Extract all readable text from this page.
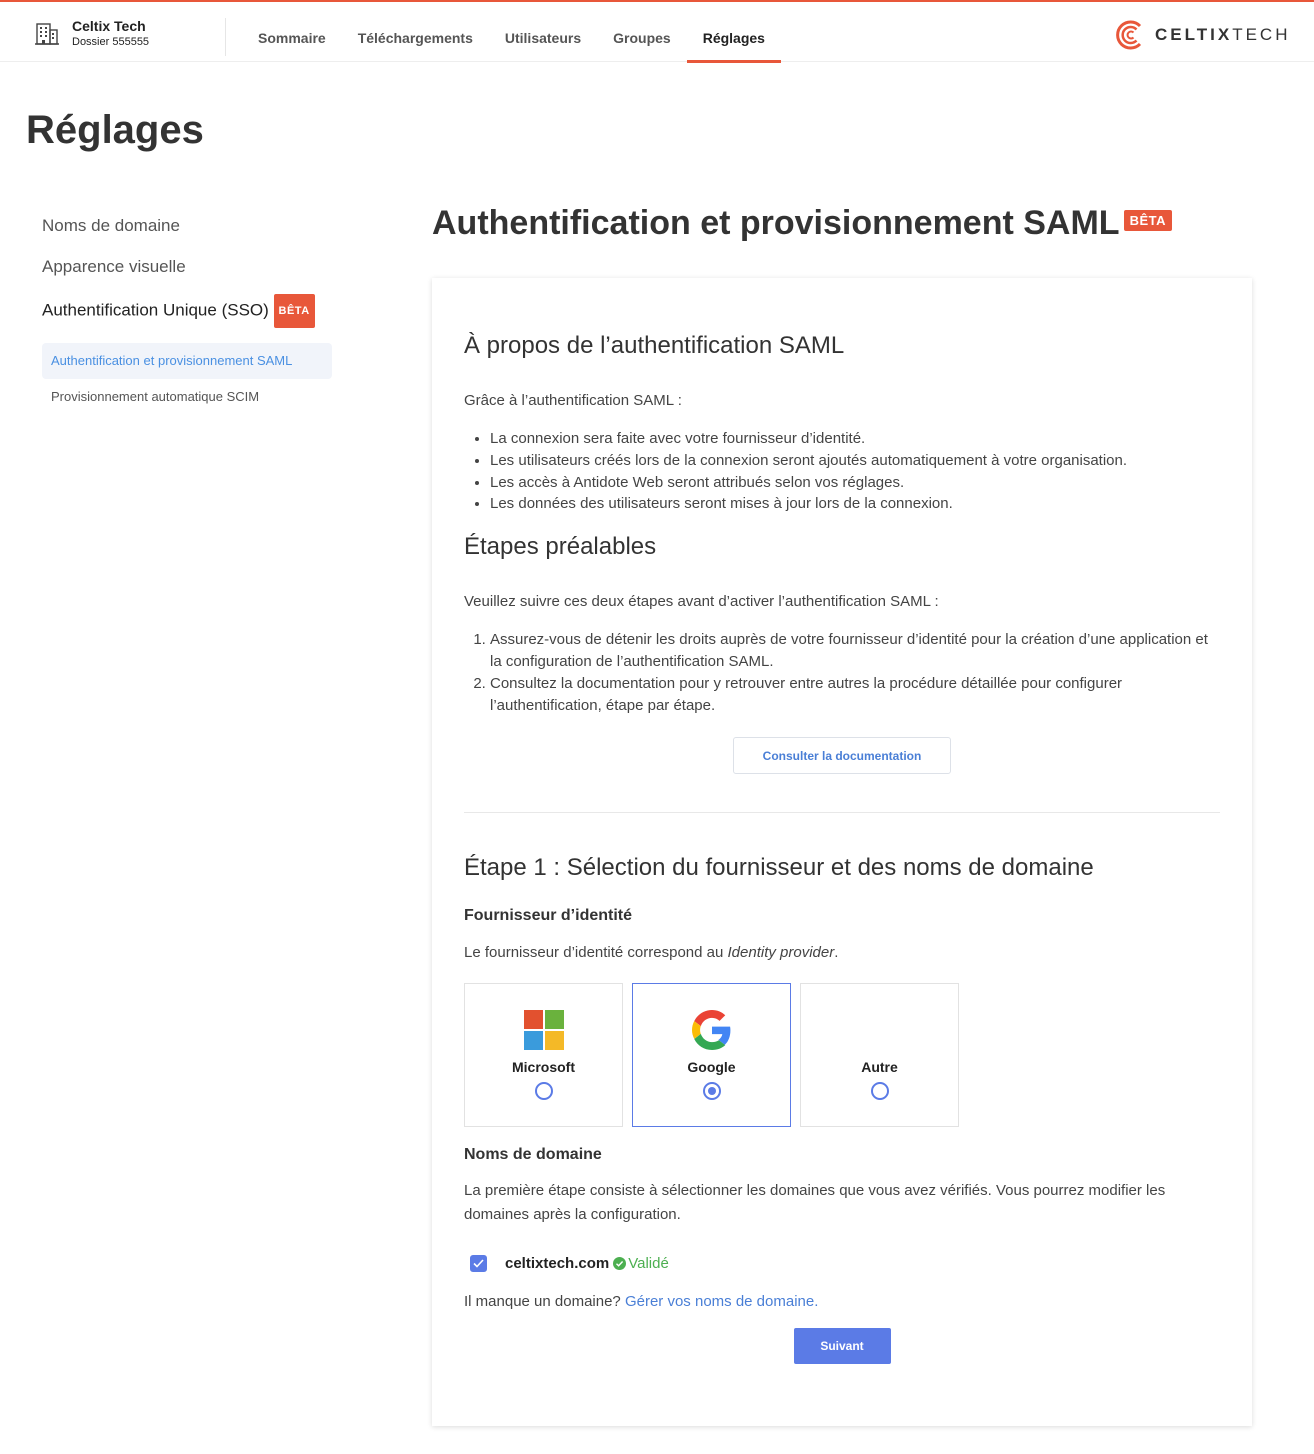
Celtix Tech
Dossier 555555	Sommaire	Téléchargements	Utilisateurs	Groupes	Réglages	CELTIXTECH
Réglages
Noms de domaine
Apparence visuelle
Authentification Unique (SSO) BÊTA
Authentification et provisionnement SAML
Provisionnement automatique SCIM
Authentification et provisionnement SAML BÊTA
À propos de l’authentification SAML

Grâce à l’authentification SAML :

• La connexion sera faite avec votre fournisseur d’identité.
• Les utilisateurs créés lors de la connexion seront ajoutés automatiquement à votre organisation.
• Les accès à Antidote Web seront attribués selon vos réglages.
• Les données des utilisateurs seront mises à jour lors de la connexion.
Étapes préalables

Veuillez suivre ces deux étapes avant d’activer l’authentification SAML :

1. Assurez-vous de détenir les droits auprès de votre fournisseur d’identité pour la création d’une application et la configuration de l’authentification SAML.
2. Consultez la documentation pour y retrouver entre autres la procédure détaillée pour configurer l’authentification, étape par étape.
Consulter la documentation
Étape 1 : Sélection du fournisseur et des noms de domaine
Fournisseur d’identité

Le fournisseur d’identité correspond au Identity provider.

Microsoft	Google	Autre
Noms de domaine

La première étape consiste à sélectionner les domaines que vous avez vérifiés. Vous pourrez modifier les domaines après la configuration.

celtixtech.com Validé

Il manque un domaine? Gérer vos noms de domaine.

Suivant
